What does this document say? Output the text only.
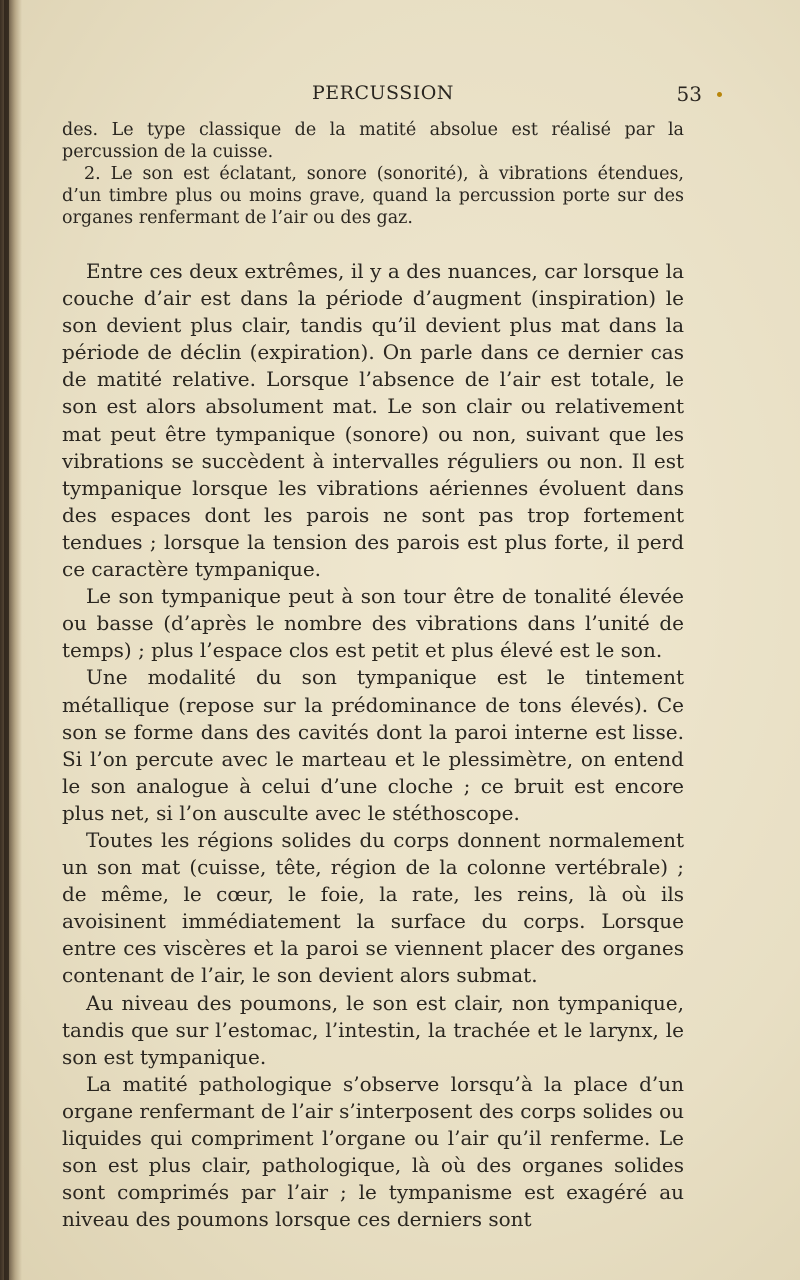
PERCUSSION	53

des. Le type classique de la matité absolue est réalisé par la percussion de la cuisse.

2. Le son est éclatant, sonore (sonorité), à vibrations étendues, d’un timbre plus ou moins grave, quand la percussion porte sur des organes renfermant de l’air ou des gaz.

Entre ces deux extrêmes, il y a des nuances, car lorsque la couche d’air est dans la période d’augment (inspiration) le son devient plus clair, tandis qu’il devient plus mat dans la période de déclin (expiration). On parle dans ce dernier cas de matité relative. Lorsque l’absence de l’air est totale, le son est alors absolument mat. Le son clair ou relativement mat peut être tympanique (sonore) ou non, suivant que les vibrations se succèdent à intervalles réguliers ou non. Il est tympanique lorsque les vibrations aériennes évoluent dans des espaces dont les parois ne sont pas trop fortement tendues ; lorsque la tension des parois est plus forte, il perd ce caractère tympanique.

Le son tympanique peut à son tour être de tonalité élevée ou basse (d’après le nombre des vibrations dans l’unité de temps) ; plus l’espace clos est petit et plus élevé est le son.

Une modalité du son tympanique est le tintement métallique (repose sur la prédominance de tons élevés). Ce son se forme dans des cavités dont la paroi interne est lisse. Si l’on percute avec le marteau et le plessimètre, on entend le son analogue à celui d’une cloche ; ce bruit est encore plus net, si l’on ausculte avec le stéthoscope.

Toutes les régions solides du corps donnent normalement un son mat (cuisse, tête, région de la colonne vertébrale) ; de même, le cœur, le foie, la rate, les reins, là où ils avoisinent immédiatement la surface du corps. Lorsque entre ces viscères et la paroi se viennent placer des organes contenant de l’air, le son devient alors submat.

Au niveau des poumons, le son est clair, non tympanique, tandis que sur l’estomac, l’intestin, la trachée et le larynx, le son est tympanique.

La matité pathologique s’observe lorsqu’à la place d’un organe renfermant de l’air s’interposent des corps solides ou liquides qui compriment l’organe ou l’air qu’il renferme. Le son est plus clair, pathologique, là où des organes solides sont comprimés par l’air ; le tympanisme est exagéré au niveau des poumons lorsque ces derniers sont
